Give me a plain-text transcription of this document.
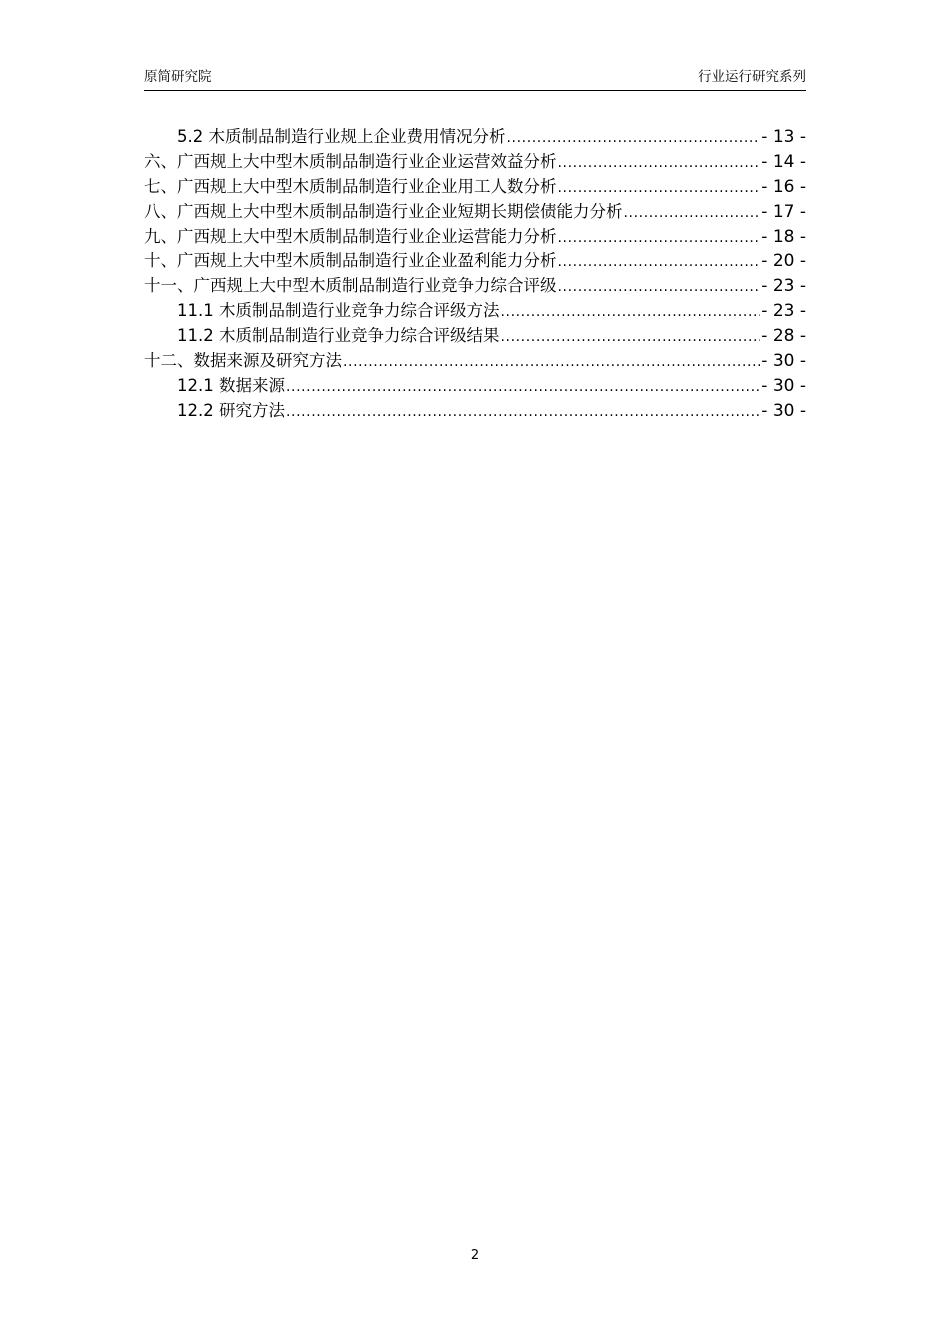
原简研究院	行业运行研究系列
5.2 木质制品制造行业规上企业费用情况分析 .....	- 13 -
六、广西规上大中型木质制品制造行业企业运营效益分析 .....	- 14 -
七、广西规上大中型木质制品制造行业企业用工人数分析 .....	- 16 -
八、广西规上大中型木质制品制造行业企业短期长期偿债能力分析 .....	- 17 -
九、广西规上大中型木质制品制造行业企业运营能力分析 .....	- 18 -
十、广西规上大中型木质制品制造行业企业盈利能力分析 .....	- 20 -
十一、广西规上大中型木质制品制造行业竞争力综合评级 .....	- 23 -
11.1 木质制品制造行业竞争力综合评级方法 .....	- 23 -
11.2 木质制品制造行业竞争力综合评级结果 .....	- 28 -
十二、数据来源及研究方法 .....	- 30 -
12.1 数据来源 .....	- 30 -
12.2 研究方法 .....	- 30 -
2
